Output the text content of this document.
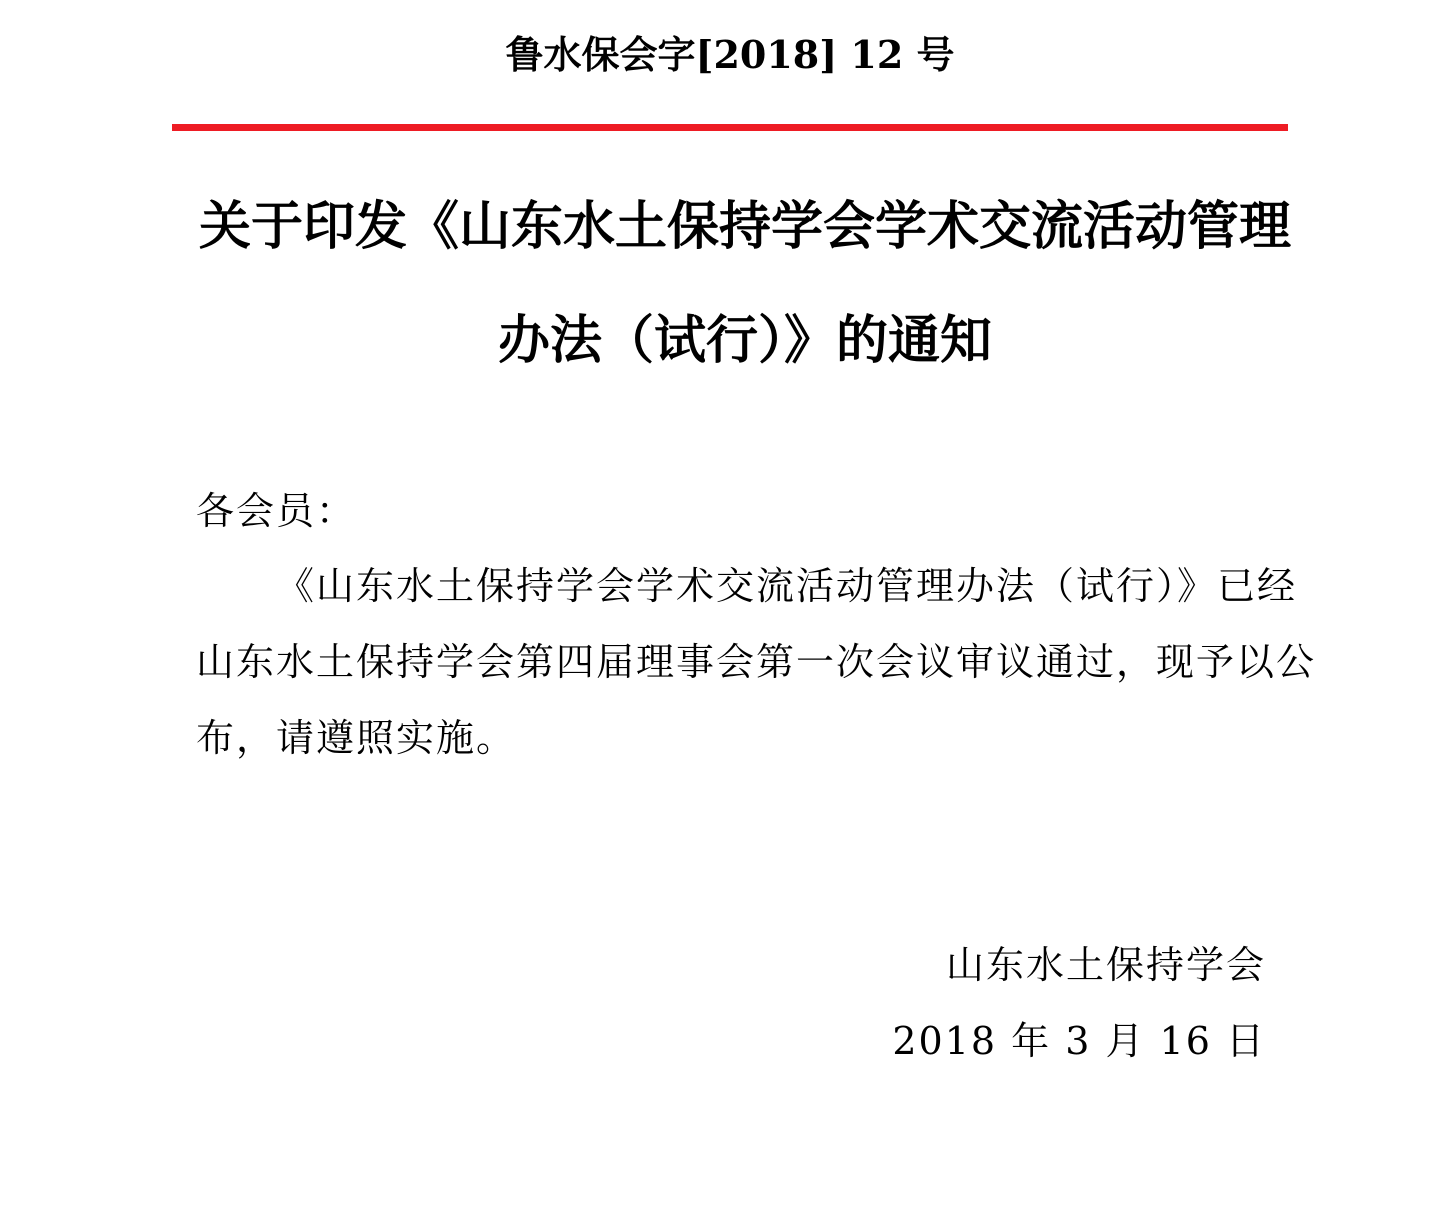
鲁水保会字[2018] 12 号
关于印发《山东水土保持学会学术交流活动管理
办法（试行）》的通知
各会员：
《山东水土保持学会学术交流活动管理办法（试行）》已经
山东水土保持学会第四届理事会第一次会议审议通过，现予以公
布，请遵照实施。
山东水土保持学会
2018 年 3 月 16 日
